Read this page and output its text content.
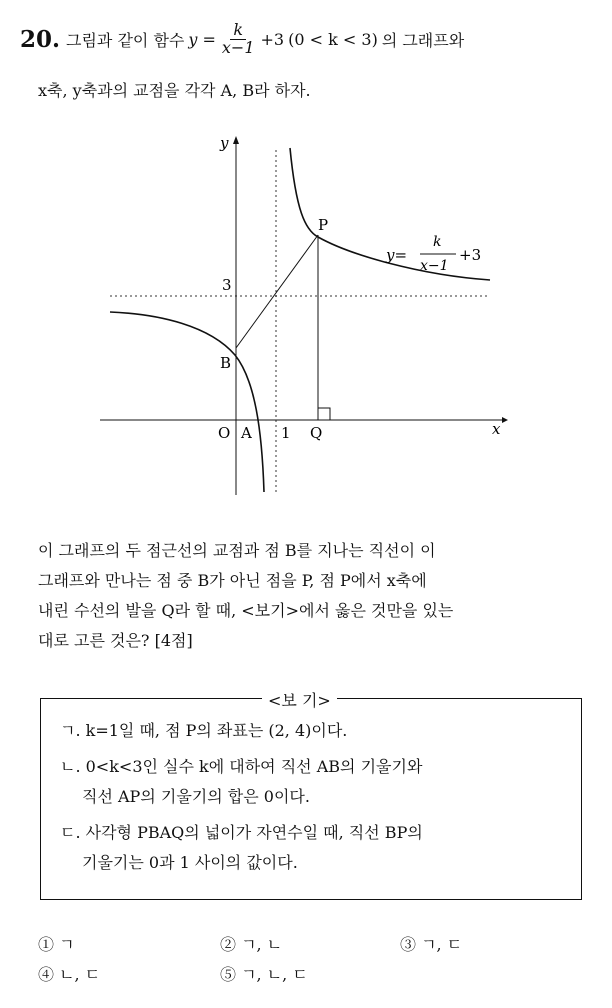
20. 그림과 같이 함수 $y = \frac{k}{x-1} +3$ (0 < k < 3) 의 그래프와
x축, y축과의 교점을 각각 A, B라 하자.
y
x
3
O A 1 Q
B
P
y=
k
x−1
+3
이 그래프의 두 점근선의 교점과 점 B를 지나는 직선이 이
그래프와 만나는 점 중 B가 아닌 점을 P, 점 P에서 x축에
내린 수선의 발을 Q라 할 때, <보기>에서 옳은 것만을 있는
대로 고른 것은? [4점]
<보 기>
ㄱ. k=1일 때, 점 P의 좌표는 (2, 4)이다.
ㄴ. 0<k<3인 실수 k에 대하여 직선 AB의 기울기와
직선 AP의 기울기의 합은 0이다.
ㄷ. 사각형 PBAQ의 넓이가 자연수일 때, 직선 BP의
기울기는 0과 1 사이의 값이다.
① ㄱ	② ㄱ, ㄴ	③ ㄱ, ㄷ
④ ㄴ, ㄷ	⑤ ㄱ, ㄴ, ㄷ
